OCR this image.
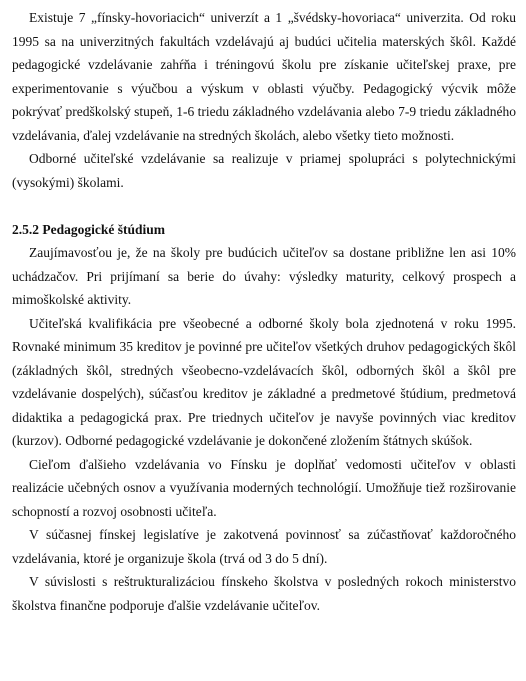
Existuje 7 „fínsky-hovoriacich“ univerzít a 1 „švédsky-hovoriaca“ univerzita. Od roku 1995 sa na univerzitných fakultách vzdelávajú aj budúci učitelia materských škôl. Každé pedagogické vzdelávanie zahŕňa i tréningovú školu pre získanie učiteľskej praxe, pre experimentovanie s výučbou a výskum v oblasti výučby. Pedagogický výcvik môže pokrývať predškolský stupeň, 1-6 triedu základného vzdelávania alebo 7-9 triedu základného vzdelávania, ďalej vzdelávanie na stredných školách, alebo všetky tieto možnosti.

Odborné učiteľské vzdelávanie sa realizuje v priamej spolupráci s polytechnickými (vysokými) školami.

2.5.2 Pedagogické štúdium

Zaujímavosťou je, že na školy pre budúcich učiteľov sa dostane približne len asi 10% uchádzačov. Pri prijímaní sa berie do úvahy: výsledky maturity, celkový prospech a mimoškolské aktivity.

Učiteľská kvalifikácia pre všeobecné a odborné školy bola zjednotená v roku 1995. Rovnaké minimum 35 kreditov je povinné pre učiteľov všetkých druhov pedagogických škôl (základných škôl, stredných všeobecno-vzdelávacích škôl, odborných škôl a škôl pre vzdelávanie dospelých), súčasťou kreditov je základné a predmetové štúdium, predmetová didaktika a pedagogická prax. Pre triednych učiteľov je navyše povinných viac kreditov (kurzov). Odborné pedagogické vzdelávanie je dokončené zložením štátnych skúšok.

Cieľom ďalšieho vzdelávania vo Fínsku je doplňať vedomosti učiteľov v oblasti realizácie učebných osnov a využívania moderných technológií. Umožňuje tiež rozširovanie schopností a rozvoj osobnosti učiteľa.

V súčasnej fínskej legislatíve je zakotvená povinnosť sa zúčastňovať každoročného vzdelávania, ktoré je organizuje škola (trvá od 3 do 5 dní).

V súvislosti s reštrukturalizáciou fínskeho školstva v posledných rokoch ministerstvo školstva finančne podporuje ďalšie vzdelávanie učiteľov.
